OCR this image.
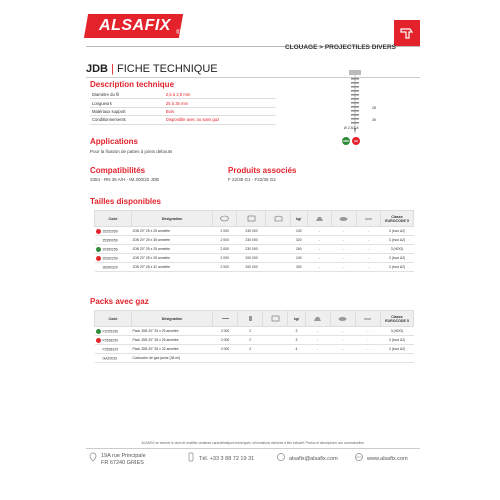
ALSAFIX ®
CLOUAGE > PROJECTILES DIVERS
JDB | FICHE TECHNIQUE
Description technique
Diamètre du fil	2,5 à 2,8 mm
Longueurs	25 à 35 mm
Matériaux support	Bois
Conditionnements	Disponible avec ou sans gaz
28
35
Ø 2,5/2,8
HDG	A2
Applications
Pour la fixation de pattes à joints debouts
Compatibilités
3354 - RN 35 A/H - IM.200/32 JDB
Produits associés
F 22/35 G1 - F22/35 G2
Tailles disponibles
Code	Désignation				kg/				Classe EUROCODE 5
25252059	JDB 20° 25 x 25 annelée	2 000	230 000		240	-	-	-	3 (inox A2)
25350059	JDB 20° 25 x 35 annelée	2 000	230 000		320	-	-	-	3 (inox A2)
20350256	JDB 20° 25 x 25 annelée	2 000	230 000		260	-	-	-	3 (HDG)
25282259	JDB 20° 28 x 25 annelée	2 000	200 000		240	-	-	-	3 (inox A2)
28280329	JDB 20° 28 x 32 annelée	2 000	200 000		300	-	-	-	3 (inox A2)
Packs avec gaz
Code	Désignation				kg/				Classe EUROCODE 5
P2025256	Pack JDB 20° 25 x 25 annelée	2 000	2		3	-	-	-	3 (HDG)
P2528259	Pack JDB 20° 28 x 25 annelée	2 000	2		3	-	-	-	3 (inox A2)
P2528329	Pack JDB 20° 28 x 32 annelée	2 000	2		4	-	-	-	3 (inox A2)
GAZ0033	Cartouche de gaz jaune (38 ml)								
ALSAFIX se réserve le droit de modifier certaines caractéristiques techniques. Informations données à titre indicatif. Photos et descriptions non contractuelles.
19A rue Principale
FR 67240 GRIES
Tél. +33 3 88 72 19 31	alsafix@alsafix.com	www.alsafix.com
